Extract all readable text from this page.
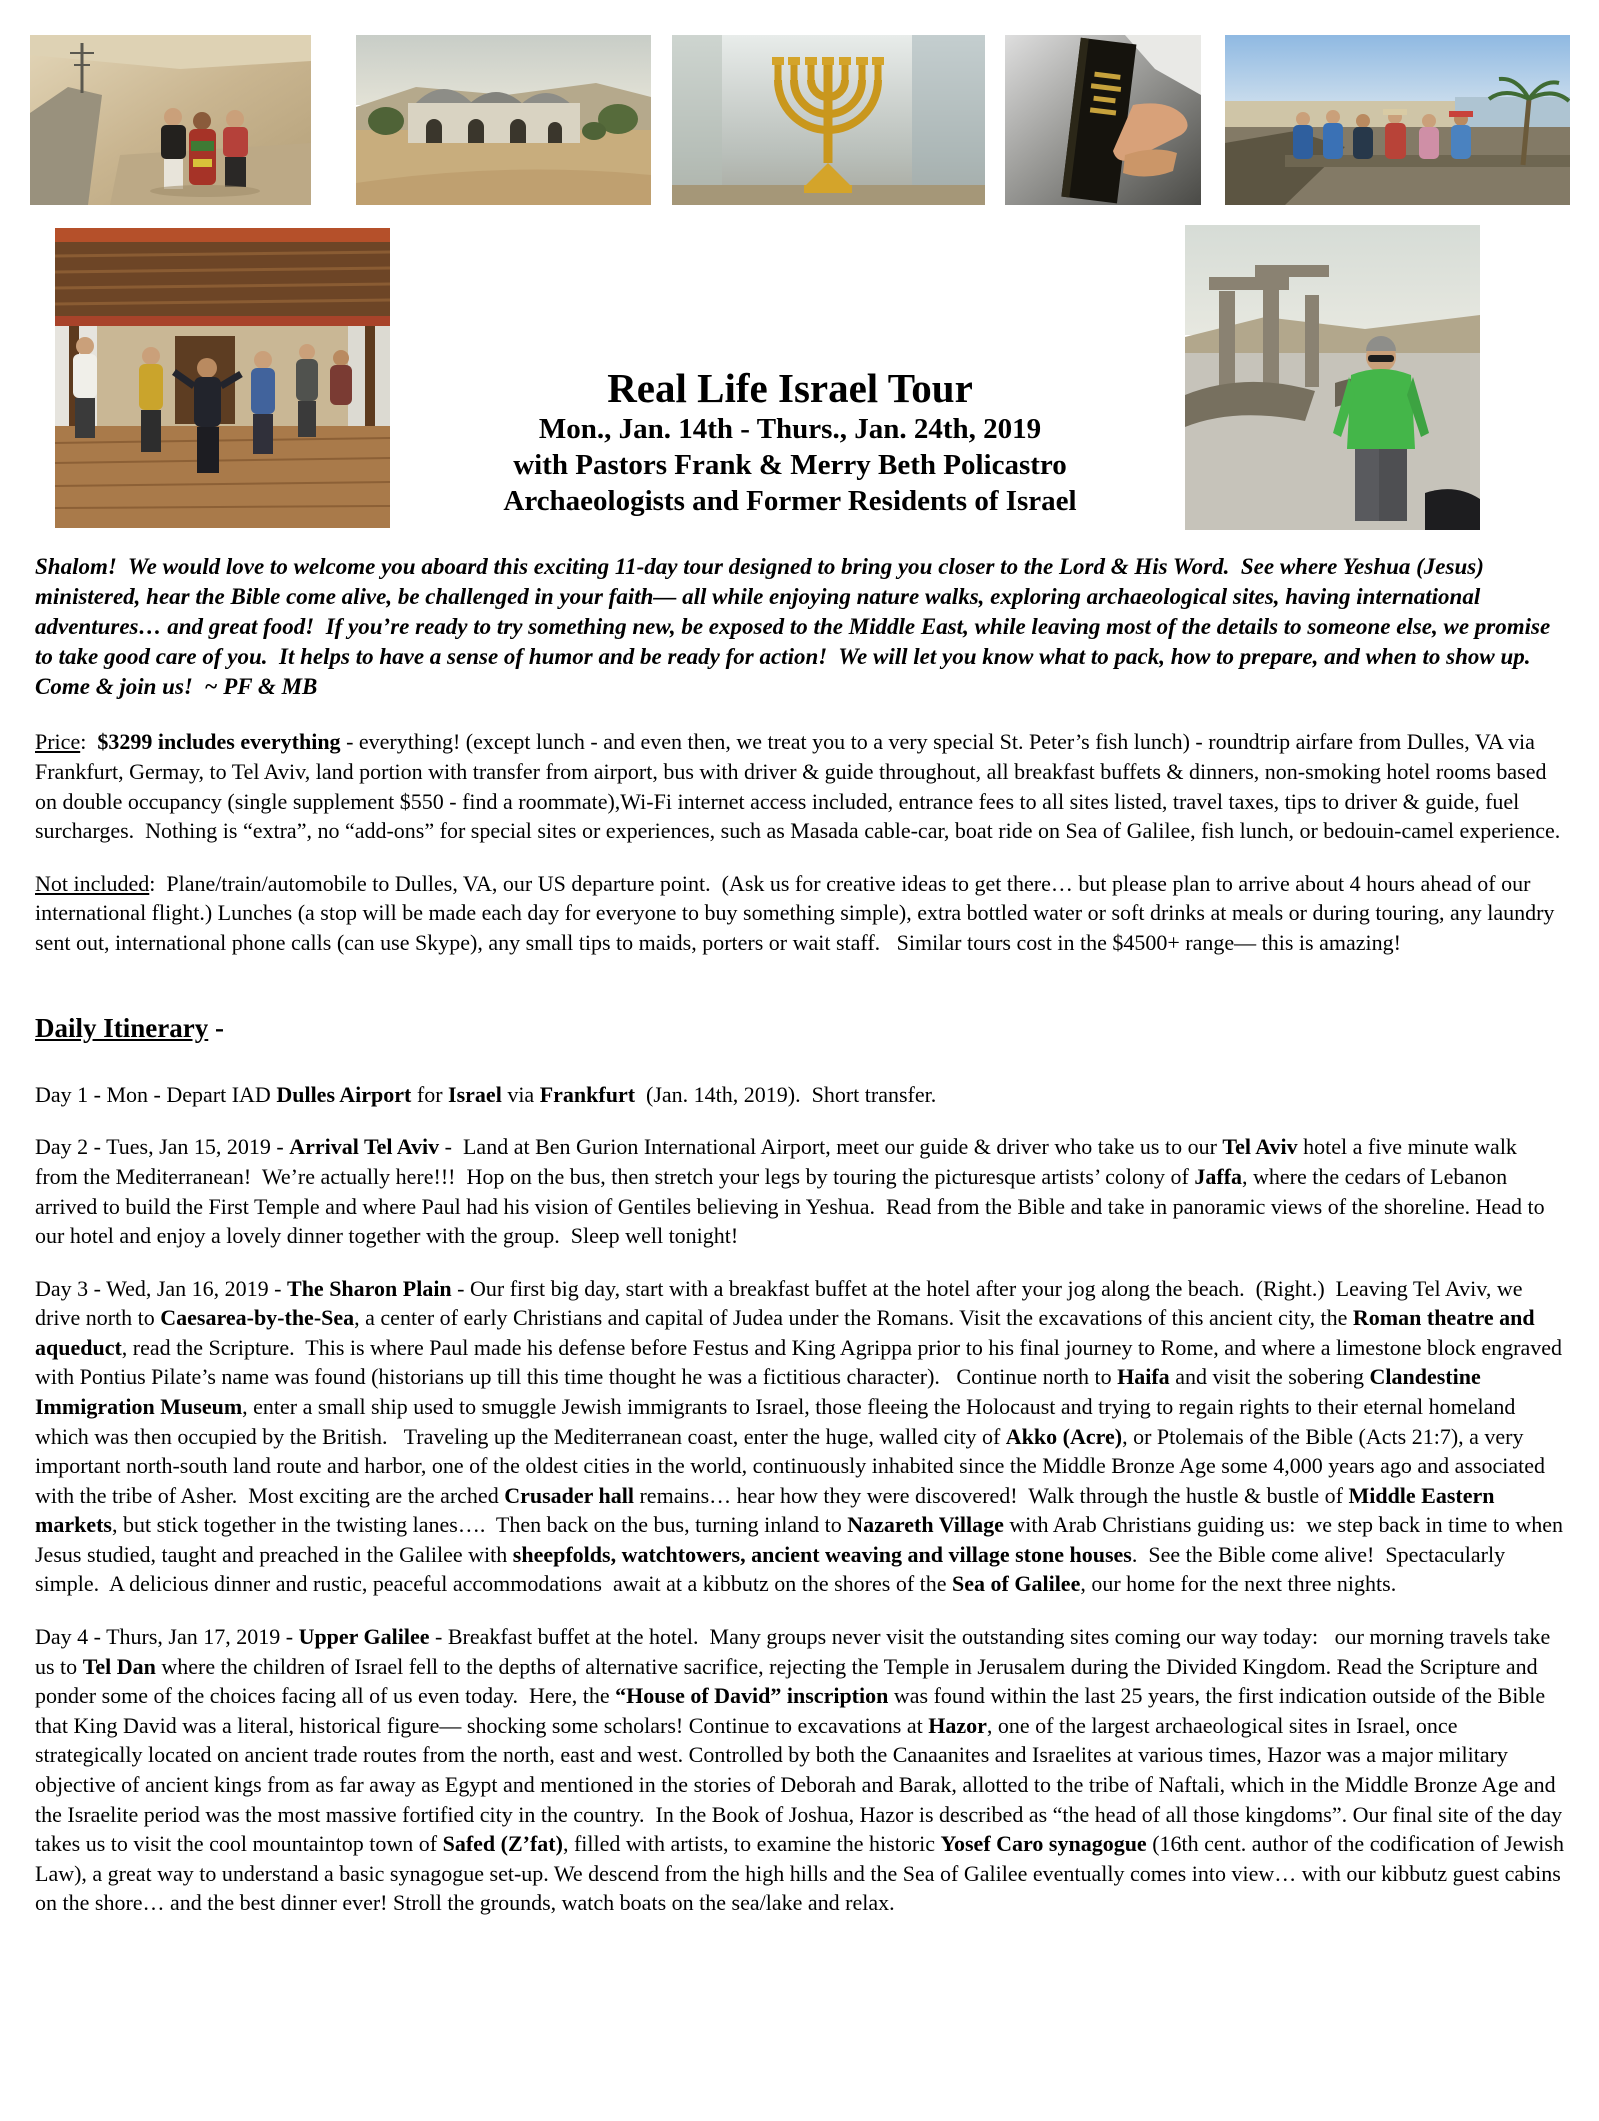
Real Life Israel Tour
Mon., Jan. 14th - Thurs., Jan. 24th, 2019
with Pastors Frank & Merry Beth Policastro
Archaeologists and Former Residents of Israel

Shalom!  We would love to welcome you aboard this exciting 11-day tour designed to bring you closer to the Lord & His Word.  See where Yeshua (Jesus) ministered, hear the Bible come alive, be challenged in your faith— all while enjoying nature walks, exploring archaeological sites, having international adventures… and great food!  If you’re ready to try something new, be exposed to the Middle East, while leaving most of the details to someone else, we promise to take good care of you.  It helps to have a sense of humor and be ready for action!  We will let you know what to pack, how to prepare, and when to show up.  Come & join us!  ~ PF & MB

Price:  $3299 includes everything - everything! (except lunch - and even then, we treat you to a very special St. Peter’s fish lunch) - roundtrip airfare from Dulles, VA via Frankfurt, Germay, to Tel Aviv, land portion with transfer from airport, bus with driver & guide throughout, all breakfast buffets & dinners, non-smoking hotel rooms based on double occupancy (single supplement $550 - find a roommate),Wi-Fi internet access included, entrance fees to all sites listed, travel taxes, tips to driver & guide, fuel surcharges.  Nothing is “extra”, no “add-ons” for special sites or experiences, such as Masada cable-car, boat ride on Sea of Galilee, fish lunch, or bedouin-camel experience.

Not included:  Plane/train/automobile to Dulles, VA, our US departure point.  (Ask us for creative ideas to get there… but please plan to arrive about 4 hours ahead of our international flight.) Lunches (a stop will be made each day for everyone to buy something simple), extra bottled water or soft drinks at meals or during touring, any laundry sent out, international phone calls (can use Skype), any small tips to maids, porters or wait staff.   Similar tours cost in the $4500+ range— this is amazing!

Daily Itinerary -

Day 1 - Mon - Depart IAD Dulles Airport for Israel via Frankfurt  (Jan. 14th, 2019).  Short transfer.

Day 2 - Tues, Jan 15, 2019 - Arrival Tel Aviv -  Land at Ben Gurion International Airport, meet our guide & driver who take us to our Tel Aviv hotel a five minute walk from the Mediterranean!  We’re actually here!!!  Hop on the bus, then stretch your legs by touring the picturesque artists’ colony of Jaffa, where the cedars of Lebanon arrived to build the First Temple and where Paul had his vision of Gentiles believing in Yeshua.  Read from the Bible and take in panoramic views of the shoreline. Head to our hotel and enjoy a lovely dinner together with the group.  Sleep well tonight!

Day 3 - Wed, Jan 16, 2019 - The Sharon Plain - Our first big day, start with a breakfast buffet at the hotel after your jog along the beach.  (Right.)  Leaving Tel Aviv, we drive north to Caesarea-by-the-Sea, a center of early Christians and capital of Judea under the Romans. Visit the excavations of this ancient city, the Roman theatre and aqueduct, read the Scripture.  This is where Paul made his defense before Festus and King Agrippa prior to his final journey to Rome, and where a limestone block engraved with Pontius Pilate’s name was found (historians up till this time thought he was a fictitious character).   Continue north to Haifa and visit the sobering Clandestine Immigration Museum, enter a small ship used to smuggle Jewish immigrants to Israel, those fleeing the Holocaust and trying to regain rights to their eternal homeland which was then occupied by the British.   Traveling up the Mediterranean coast, enter the huge, walled city of Akko (Acre), or Ptolemais of the Bible (Acts 21:7), a very important north-south land route and harbor, one of the oldest cities in the world, continuously inhabited since the Middle Bronze Age some 4,000 years ago and associated with the tribe of Asher.  Most exciting are the arched Crusader hall remains… hear how they were discovered!  Walk through the hustle & bustle of Middle Eastern markets, but stick together in the twisting lanes….  Then back on the bus, turning inland to Nazareth Village with Arab Christians guiding us:  we step back in time to when Jesus studied, taught and preached in the Galilee with sheepfolds, watchtowers, ancient weaving and village stone houses.  See the Bible come alive!  Spectacularly simple.  A delicious dinner and rustic, peaceful accommodations  await at a kibbutz on the shores of the Sea of Galilee, our home for the next three nights.

Day 4 - Thurs, Jan 17, 2019 - Upper Galilee - Breakfast buffet at the hotel.  Many groups never visit the outstanding sites coming our way today:   our morning travels take us to Tel Dan where the children of Israel fell to the depths of alternative sacrifice, rejecting the Temple in Jerusalem during the Divided Kingdom. Read the Scripture and ponder some of the choices facing all of us even today.  Here, the “House of David” inscription was found within the last 25 years, the first indication outside of the Bible that King David was a literal, historical figure— shocking some scholars! Continue to excavations at Hazor, one of the largest archaeological sites in Israel, once strategically located on ancient trade routes from the north, east and west. Controlled by both the Canaanites and Israelites at various times, Hazor was a major military objective of ancient kings from as far away as Egypt and mentioned in the stories of Deborah and Barak, allotted to the tribe of Naftali, which in the Middle Bronze Age and the Israelite period was the most massive fortified city in the country.  In the Book of Joshua, Hazor is described as “the head of all those kingdoms”. Our final site of the day takes us to visit the cool mountaintop town of Safed (Z’fat), filled with artists, to examine the historic Yosef Caro synagogue (16th cent. author of the codification of Jewish Law), a great way to understand a basic synagogue set-up. We descend from the high hills and the Sea of Galilee eventually comes into view… with our kibbutz guest cabins on the shore… and the best dinner ever! Stroll the grounds, watch boats on the sea/lake and relax.
